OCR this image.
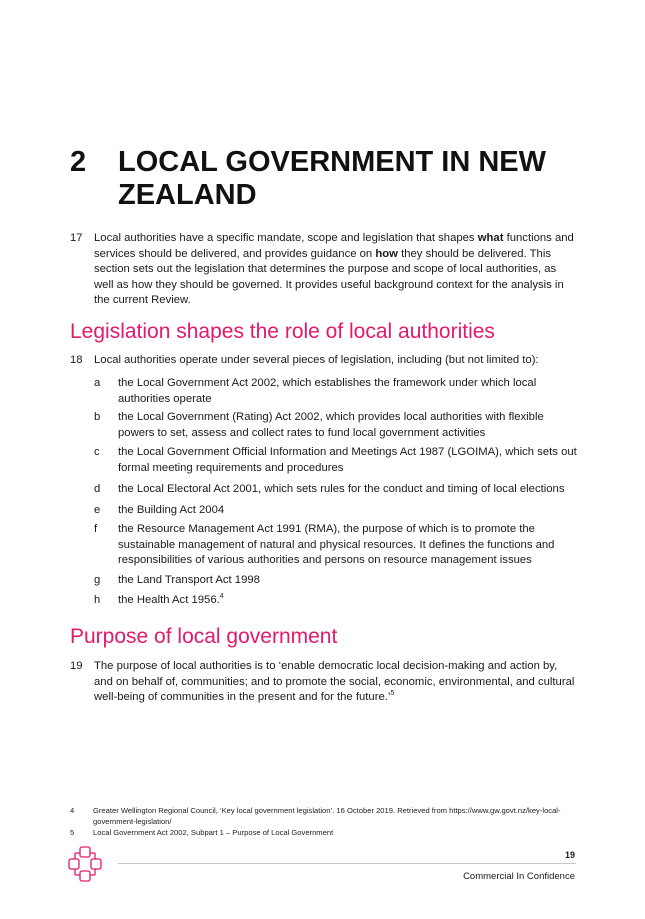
2 LOCAL GOVERNMENT IN NEW ZEALAND
17 Local authorities have a specific mandate, scope and legislation that shapes what functions and services should be delivered, and provides guidance on how they should be delivered. This section sets out the legislation that determines the purpose and scope of local authorities, as well as how they should be governed. It provides useful background context for the analysis in the current Review.
Legislation shapes the role of local authorities
18 Local authorities operate under several pieces of legislation, including (but not limited to):
a the Local Government Act 2002, which establishes the framework under which local authorities operate
b the Local Government (Rating) Act 2002, which provides local authorities with flexible powers to set, assess and collect rates to fund local government activities
c the Local Government Official Information and Meetings Act 1987 (LGOIMA), which sets out formal meeting requirements and procedures
d the Local Electoral Act 2001, which sets rules for the conduct and timing of local elections
e the Building Act 2004
f the Resource Management Act 1991 (RMA), the purpose of which is to promote the sustainable management of natural and physical resources. It defines the functions and responsibilities of various authorities and persons on resource management issues
g the Land Transport Act 1998
h the Health Act 1956.$^4$
Purpose of local government
19 The purpose of local authorities is to ‘enable democratic local decision-making and action by, and on behalf of, communities; and to promote the social, economic, environmental, and cultural well-being of communities in the present and for the future.’$^5$
4 Greater Wellington Regional Council, ‘Key local government legislation’. 16 October 2019. Retrieved from https://www.gw.govt.nz/key-local-government-legislation/
5 Local Government Act 2002, Subpart 1 – Purpose of Local Government
19
Commercial In Confidence
